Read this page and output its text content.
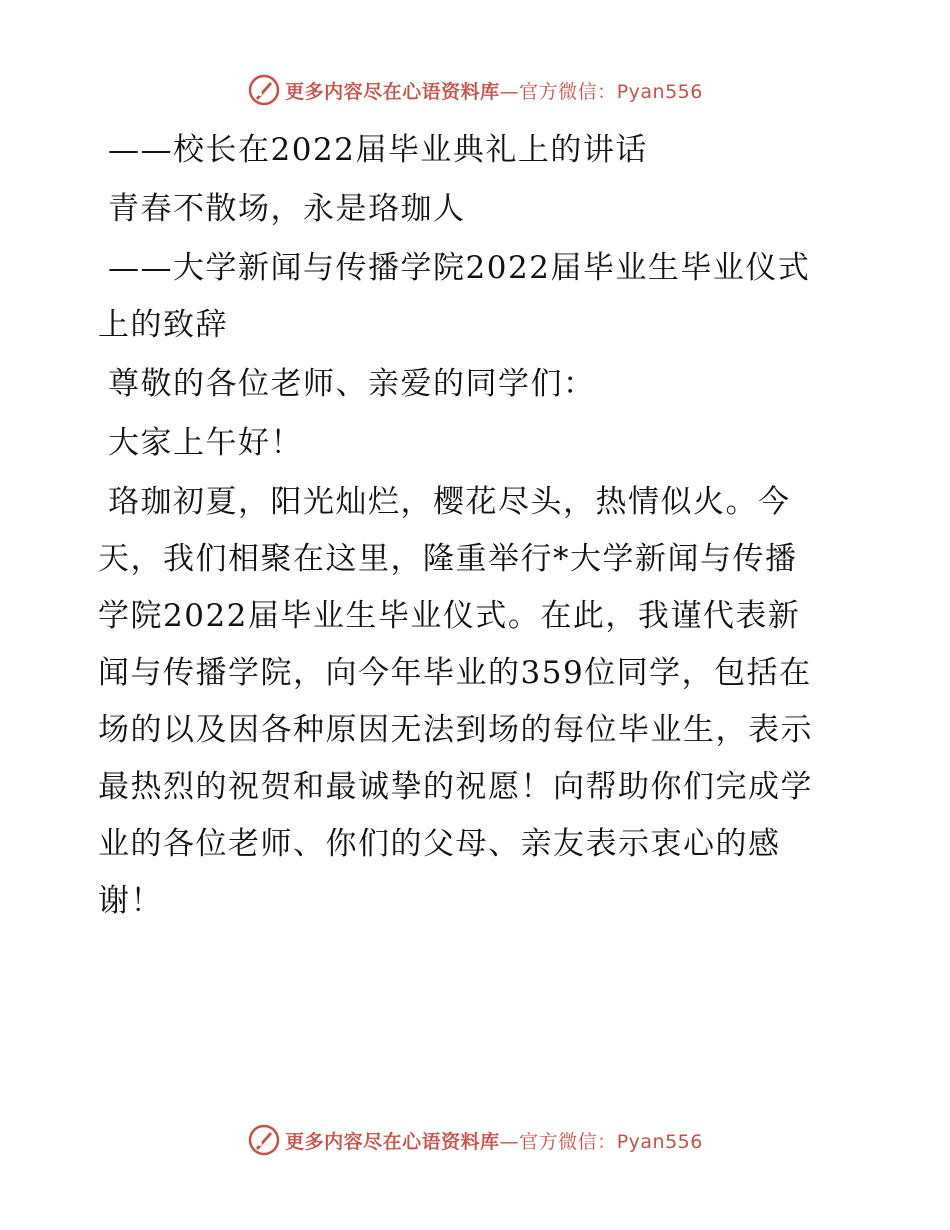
更多内容尽在心语资料库—官方微信：Pyan556
——校长在2022届毕业典礼上的讲话
青春不散场，永是珞珈人
——大学新闻与传播学院2022届毕业生毕业仪式
上的致辞
尊敬的各位老师、亲爱的同学们：
大家上午好！
珞珈初夏，阳光灿烂，樱花尽头，热情似火。今
天，我们相聚在这里，隆重举行*大学新闻与传播
学院2022届毕业生毕业仪式。在此，我谨代表新
闻与传播学院，向今年毕业的359位同学，包括在
场的以及因各种原因无法到场的每位毕业生，表示
最热烈的祝贺和最诚挚的祝愿！向帮助你们完成学
业的各位老师、你们的父母、亲友表示衷心的感
谢！
更多内容尽在心语资料库—官方微信：Pyan556
